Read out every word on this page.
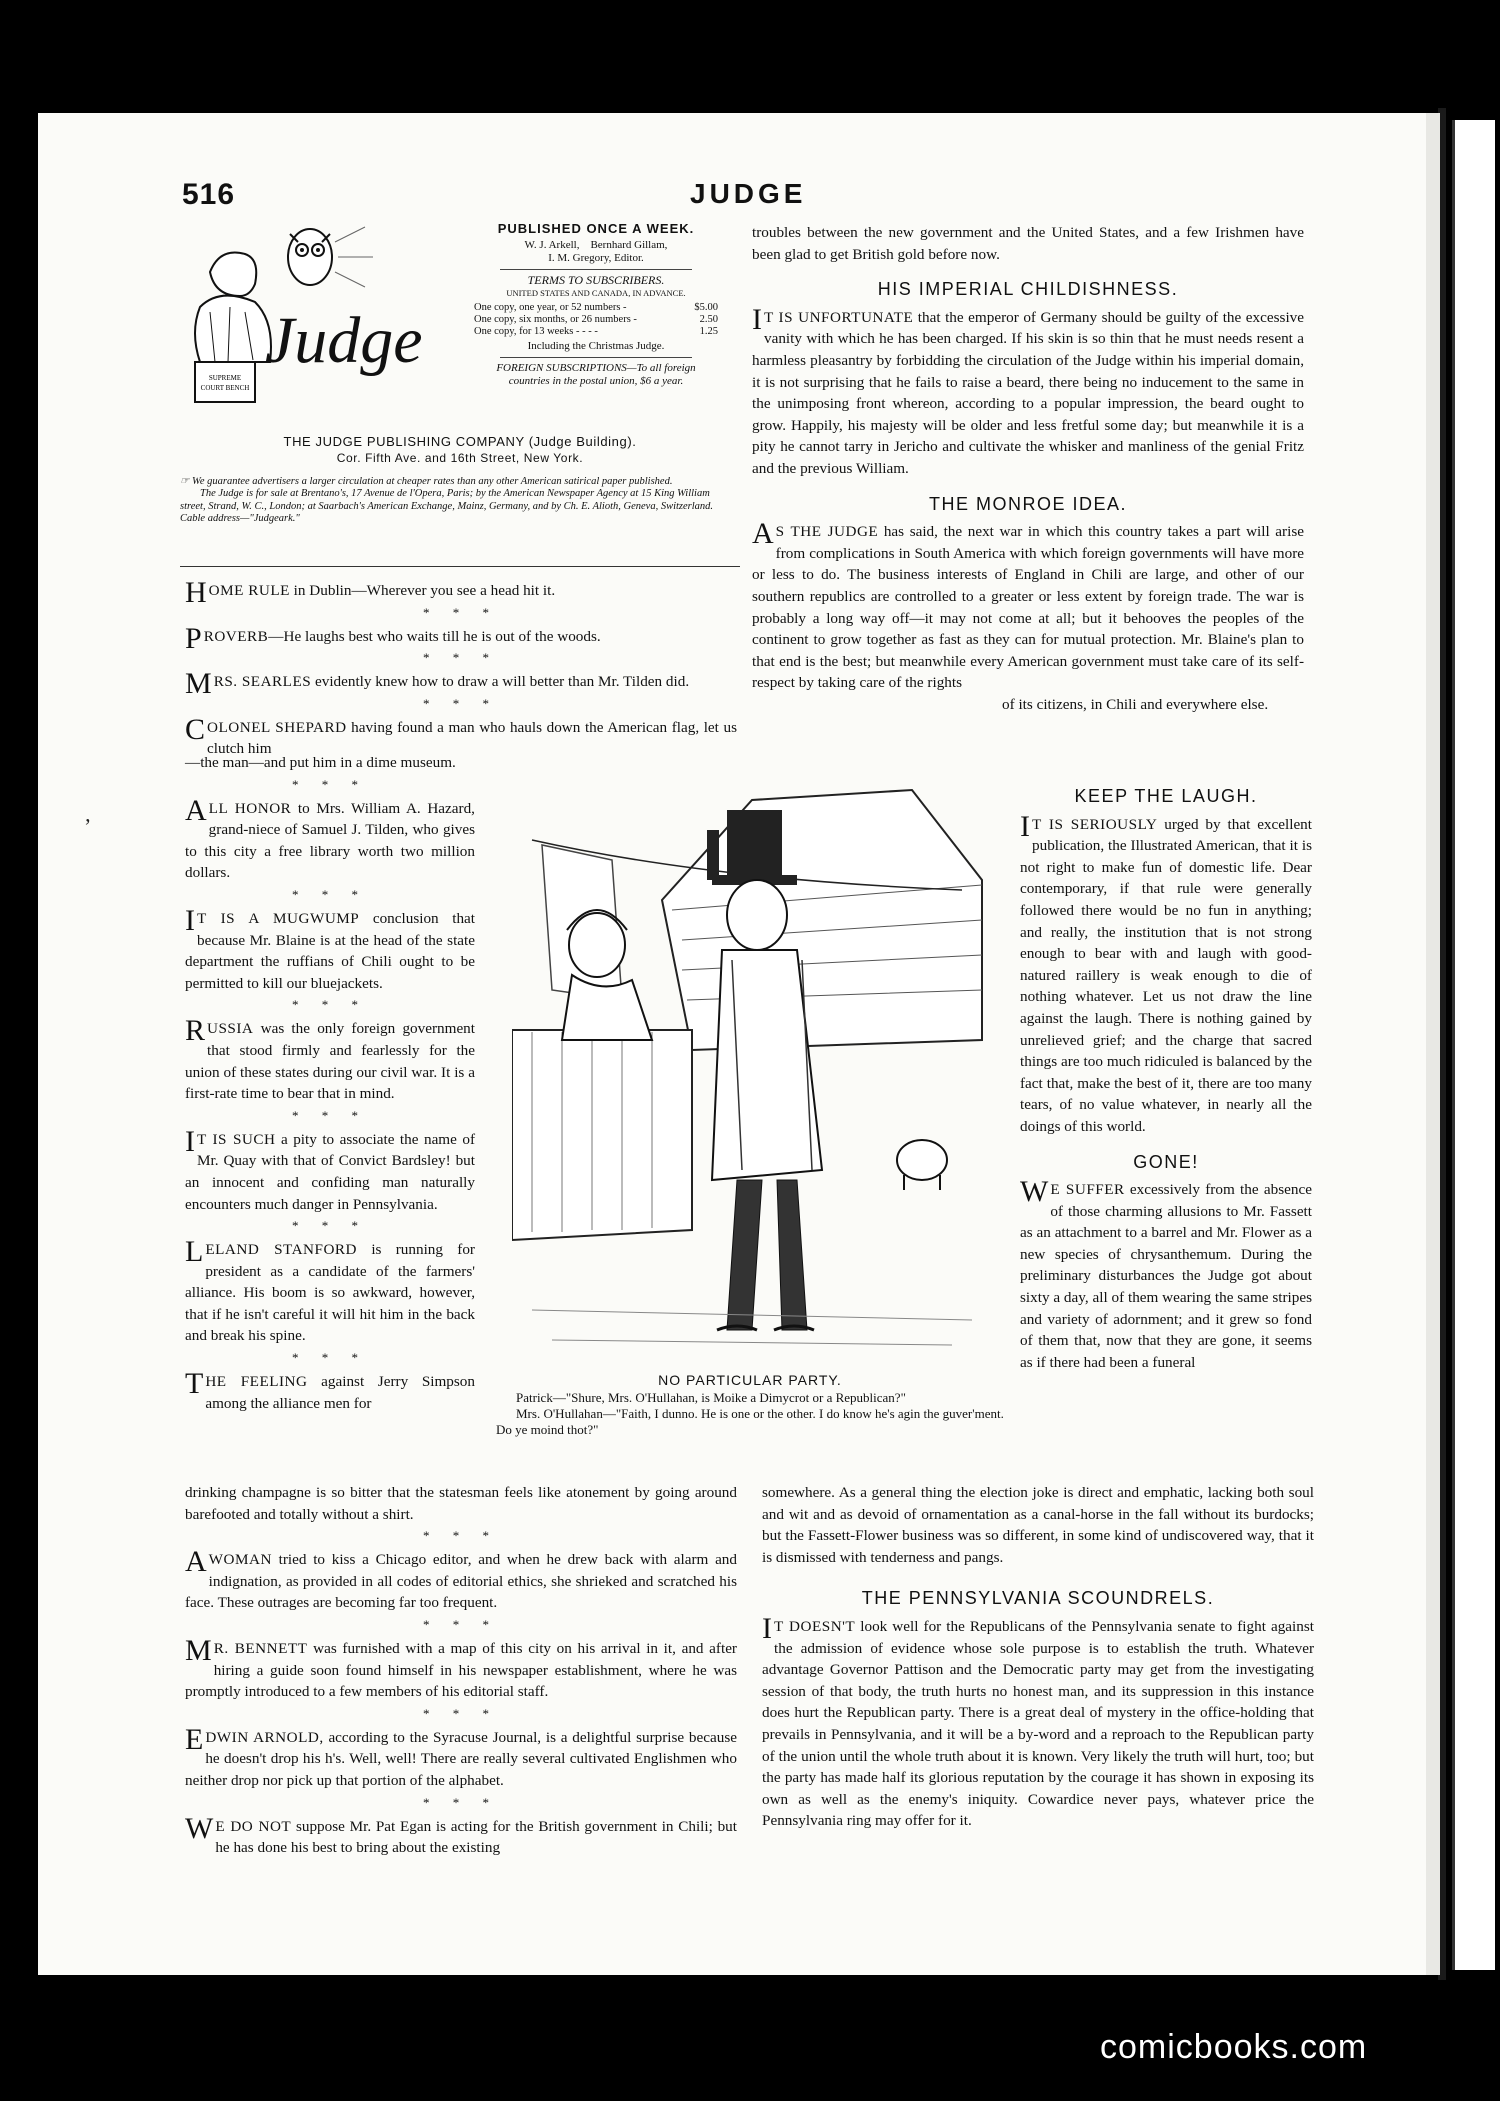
516	JUDGE
SUPREME
COURT BENCH
Judge
PUBLISHED ONCE A WEEK.
W. J. Arkell, Bernhard Gillam,
I. M. Gregory, Editor.
TERMS TO SUBSCRIBERS.
UNITED STATES AND CANADA, IN ADVANCE.
One copy, one year, or 52 numbers -	$5.00
One copy, six months, or 26 numbers -	2.50
One copy, for 13 weeks - - - -	1.25
Including the Christmas Judge.
FOREIGN SUBSCRIPTIONS—To all foreign countries in the postal union, $6 a year.
THE JUDGE PUBLISHING COMPANY (Judge Building).
Cor. Fifth Ave. and 16th Street, New York.
☞ We guarantee advertisers a larger circulation at cheaper rates than any other American satirical paper published.
The Judge is for sale at Brentano's, 17 Avenue de l'Opera, Paris; by the American Newspaper Agency at 15 King William street, Strand, W. C., London; at Saarbach's American Exchange, Mainz, Germany, and by Ch. E. Alioth, Geneva, Switzerland. Cable address—"Judgeark."

HOME RULE in Dublin—Wherever you see a head hit it.

* * *

PROVERB—He laughs best who waits till he is out of the woods.

* * *

MRS. SEARLES evidently knew how to draw a will better than Mr. Tilden did.

* * *

COLONEL SHEPARD having found a man who hauls down the American flag, let us clutch him

—the man—and put him in a dime museum.

* * *

ALL HONOR to Mrs. William A. Hazard, grand-niece of Samuel J. Tilden, who gives to this city a free library worth two million dollars.

* * *

I T IS A MUGWUMP conclusion that because Mr. Blaine is at the head of the state department the ruffians of Chili ought to be permitted to kill our bluejackets.

* * *

RUSSIA was the only foreign government that stood firmly and fearlessly for the union of these states during our civil war. It is a first-rate time to bear that in mind.

* * *

I T IS SUCH a pity to associate the name of Mr. Quay with that of Convict Bardsley! but an innocent and confiding man naturally encounters much danger in Pennsylvania.

* * *

LELAND STANFORD is running for president as a candidate of the farmers' alliance. His boom is so awkward, however, that if he isn't careful it will hit him in the back and break his spine.

* * *

THE FEELING against Jerry Simpson among the alliance men for

drinking champagne is so bitter that the statesman feels like atonement by going around barefooted and totally without a shirt.

* * *

A WOMAN tried to kiss a Chicago editor, and when he drew back with alarm and indignation, as provided in all codes of editorial ethics, she shrieked and scratched his face. These outrages are becoming far too frequent.

* * *

M R. BENNETT was furnished with a map of this city on his arrival in it, and after hiring a guide soon found himself in his newspaper establishment, where he was promptly introduced to a few members of his editorial staff.

* * *

EDWIN ARNOLD, according to the Syracuse Journal, is a delightful surprise because he doesn't drop his h's. Well, well! There are really several cultivated Englishmen who neither drop nor pick up that portion of the alphabet.

* * *

W E DO NOT suppose Mr. Pat Egan is acting for the British government in Chili; but he has done his best to bring about the existing

troubles between the new government and the United States, and a few Irishmen have been glad to get British gold before now.

HIS IMPERIAL CHILDISHNESS.

I T IS UNFORTUNATE that the emperor of Germany should be guilty of the excessive vanity with which he has been charged. If his skin is so thin that he must needs resent a harmless pleasantry by forbidding the circulation of the Judge within his imperial domain, it is not surprising that he fails to raise a beard, there being no inducement to the same in the unimposing front whereon, according to a popular impression, the beard ought to grow. Happily, his majesty will be older and less fretful some day; but meanwhile it is a pity he cannot tarry in Jericho and cultivate the whisker and manliness of the genial Fritz and the previous William.

THE MONROE IDEA.

A S THE JUDGE has said, the next war in which this country takes a part will arise from complications in South America with which foreign governments will have more or less to do. The business interests of England in Chili are large, and other of our southern republics are controlled to a greater or less extent by foreign trade. The war is probably a long way off—it may not come at all; but it behooves the peoples of the continent to grow together as fast as they can for mutual protection. Mr. Blaine's plan to that end is the best; but meanwhile every American government must take care of its self-respect by taking care of the rights

of its citizens, in Chili and everywhere else.

KEEP THE LAUGH.

I T IS SERIOUSLY urged by that excellent publication, the Illustrated American, that it is not right to make fun of domestic life. Dear contemporary, if that rule were generally followed there would be no fun in anything; and really, the institution that is not strong enough to bear with and laugh with good-natured raillery is weak enough to die of nothing whatever. Let us not draw the line against the laugh. There is nothing gained by unrelieved grief; and the charge that sacred things are too much ridiculed is balanced by the fact that, make the best of it, there are too many tears, of no value whatever, in nearly all the doings of this world.

GONE!

W E SUFFER excessively from the absence of those charming allusions to Mr. Fassett as an attachment to a barrel and Mr. Flower as a new species of chrysanthemum. During the preliminary disturbances the Judge got about sixty a day, all of them wearing the same stripes and variety of adornment; and it grew so fond of them that, now that they are gone, it seems as if there had been a funeral

somewhere. As a general thing the election joke is direct and emphatic, lacking both soul and wit and as devoid of ornamentation as a canal-horse in the fall without its burdocks; but the Fassett-Flower business was so different, in some kind of undiscovered way, that it is dismissed with tenderness and pangs.

THE PENNSYLVANIA SCOUNDRELS.

I T DOESN'T look well for the Republicans of the Pennsylvania senate to fight against the admission of evidence whose sole purpose is to establish the truth. Whatever advantage Governor Pattison and the Democratic party may get from the investigating session of that body, the truth hurts no honest man, and its suppression in this instance does hurt the Republican party. There is a great deal of mystery in the office-holding that prevails in Pennsylvania, and it will be a by-word and a reproach to the Republican party of the union until the whole truth about it is known. Very likely the truth will hurt, too; but the party has made half its glorious reputation by the courage it has shown in exposing its own as well as the enemy's iniquity. Cowardice never pays, whatever price the Pennsylvania ring may offer for it.

NO PARTICULAR PARTY.
Patrick—"Shure, Mrs. O'Hullahan, is Moike a Dimycrot or a Republican?"
Mrs. O'Hullahan—"Faith, I dunno. He is one or the other. I do know he's agin the guver'ment. Do ye moind thot?"
ʼ
comicbooks.com
